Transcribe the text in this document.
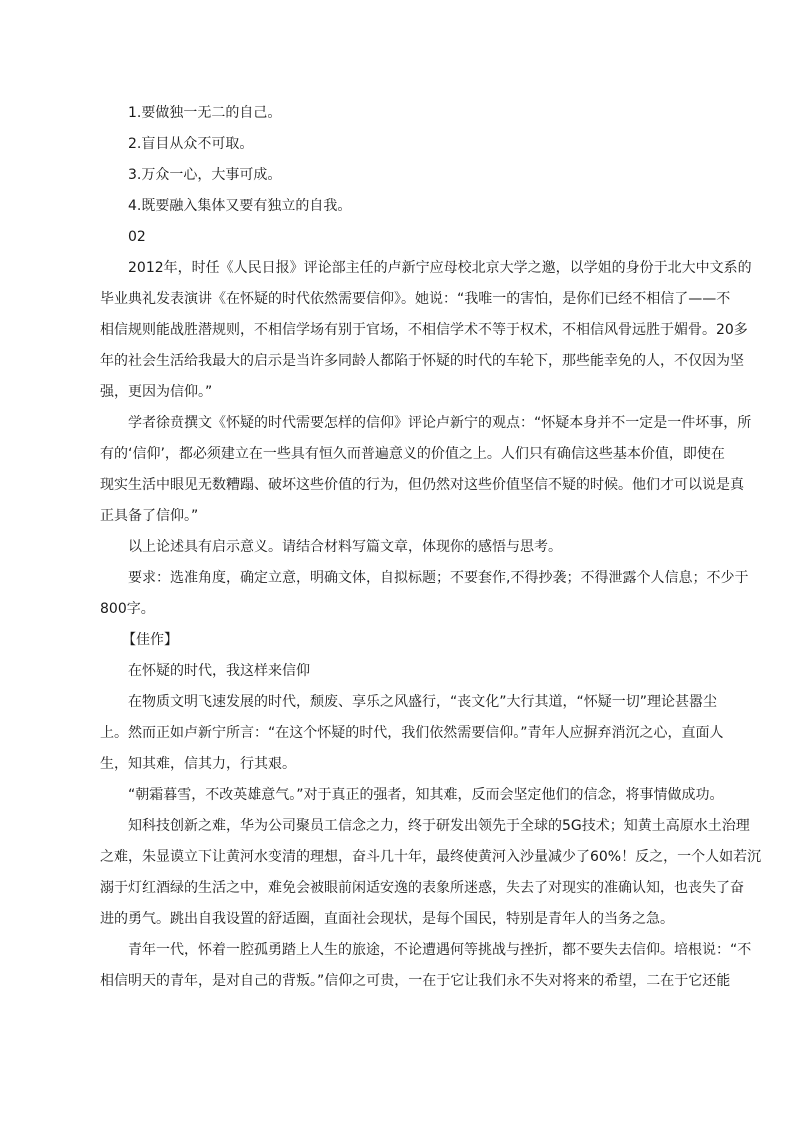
1.要做独一无二的自己。
2.盲目从众不可取。
3.万众一心，大事可成。
4.既要融入集体又要有独立的自我。
02
2012年，时任《人民日报》评论部主任的卢新宁应母校北京大学之邀，以学姐的身份于北大中文系的
毕业典礼发表演讲《在怀疑的时代依然需要信仰》。她说：“我唯一的害怕，是你们已经不相信了——不
相信规则能战胜潜规则，不相信学场有别于官场，不相信学术不等于权术，不相信风骨远胜于媚骨。20多
年的社会生活给我最大的启示是当许多同龄人都陷于怀疑的时代的车轮下，那些能幸免的人，不仅因为坚
强，更因为信仰。”
学者徐贲撰文《怀疑的时代需要怎样的信仰》评论卢新宁的观点：“怀疑本身并不一定是一件坏事，所
有的‘信仰’，都必须建立在一些具有恒久而普遍意义的价值之上。人们只有确信这些基本价值，即使在
现实生活中眼见无数糟蹋、破坏这些价值的行为，但仍然对这些价值坚信不疑的时候。他们才可以说是真
正具备了信仰。”
以上论述具有启示意义。请结合材料写篇文章，体现你的感悟与思考。
要求：选准角度，确定立意，明确文体，自拟标题；不要套作,不得抄袭；不得泄露个人信息；不少于
800字。
【佳作】
在怀疑的时代，我这样来信仰
在物质文明飞速发展的时代，颓废、享乐之风盛行，“丧文化”大行其道，“怀疑一切”理论甚嚣尘
上。然而正如卢新宁所言：“在这个怀疑的时代，我们依然需要信仰。”青年人应摒弃消沉之心，直面人
生，知其难，信其力，行其艰。
“朝霜暮雪，不改英雄意气。”对于真正的强者，知其难，反而会坚定他们的信念，将事情做成功。
知科技创新之难，华为公司聚员工信念之力，终于研发出领先于全球的5G技术；知黄土高原水土治理
之难，朱显谟立下让黄河水变清的理想，奋斗几十年，最终使黄河入沙量减少了60%！反之，一个人如若沉
溺于灯红酒绿的生活之中，难免会被眼前闲适安逸的表象所迷惑，失去了对现实的准确认知，也丧失了奋
进的勇气。跳出自我设置的舒适圈，直面社会现状，是每个国民，特别是青年人的当务之急。
青年一代，怀着一腔孤勇踏上人生的旅途，不论遭遇何等挑战与挫折，都不要失去信仰。培根说：“不
相信明天的青年，是对自己的背叛。”信仰之可贵，一在于它让我们永不失对将来的希望，二在于它还能
